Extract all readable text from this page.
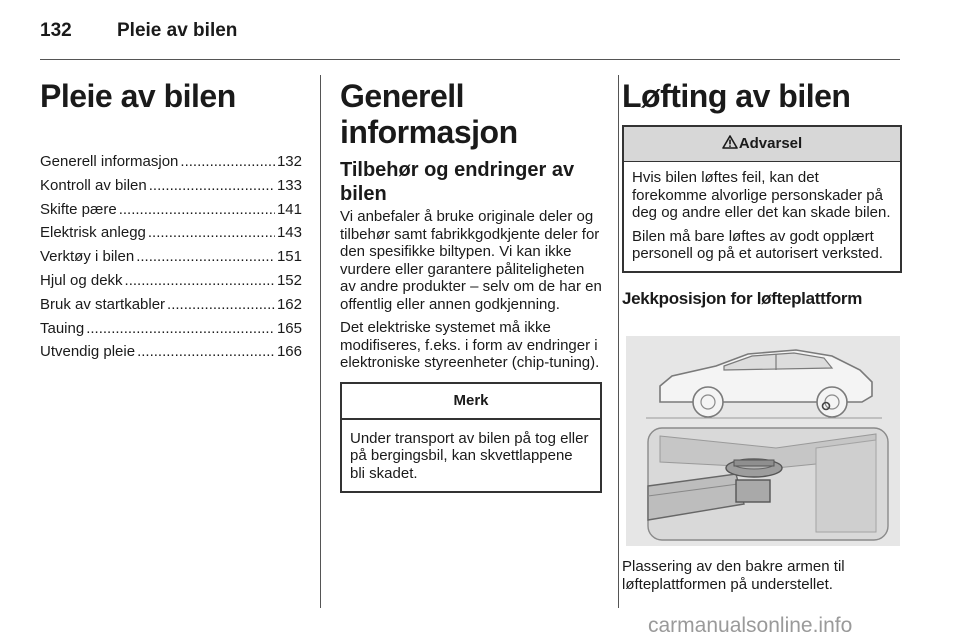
132 Pleie av bilen
Pleie av bilen
Generell informasjon .....	132
Kontroll av bilen .....	133
Skifte pære .....	141
Elektrisk anlegg .....	143
Verktøy i bilen .....	151
Hjul og dekk .....	152
Bruk av startkabler .....	162
Tauing .....	165
Utvendig pleie .....	166
Generell informasjon
Tilbehør og endringer av bilen

Vi anbefaler å bruke originale deler og tilbehør samt fabrikkgodkjente deler for den spesifikke biltypen. Vi kan ikke vurdere eller garantere påliteligheten av andre produkter – selv om de har en offentlig eller annen godkjenning.

Det elektriske systemet må ikke modifiseres, f.eks. i form av endringer i elektroniske styreenheter (chip-tuning).

Merk

Under transport av bilen på tog eller på bergingsbil, kan skvettlappene bli skadet.

Løfting av bilen
Advarsel

Hvis bilen løftes feil, kan det forekomme alvorlige personskader på deg og andre eller det kan skade bilen.

Bilen må bare løftes av godt opplært personell og på et autorisert verksted.

Jekkposisjon for løfteplattform

Plassering av den bakre armen til løfteplattformen på understellet.

carmanualsonline.info
